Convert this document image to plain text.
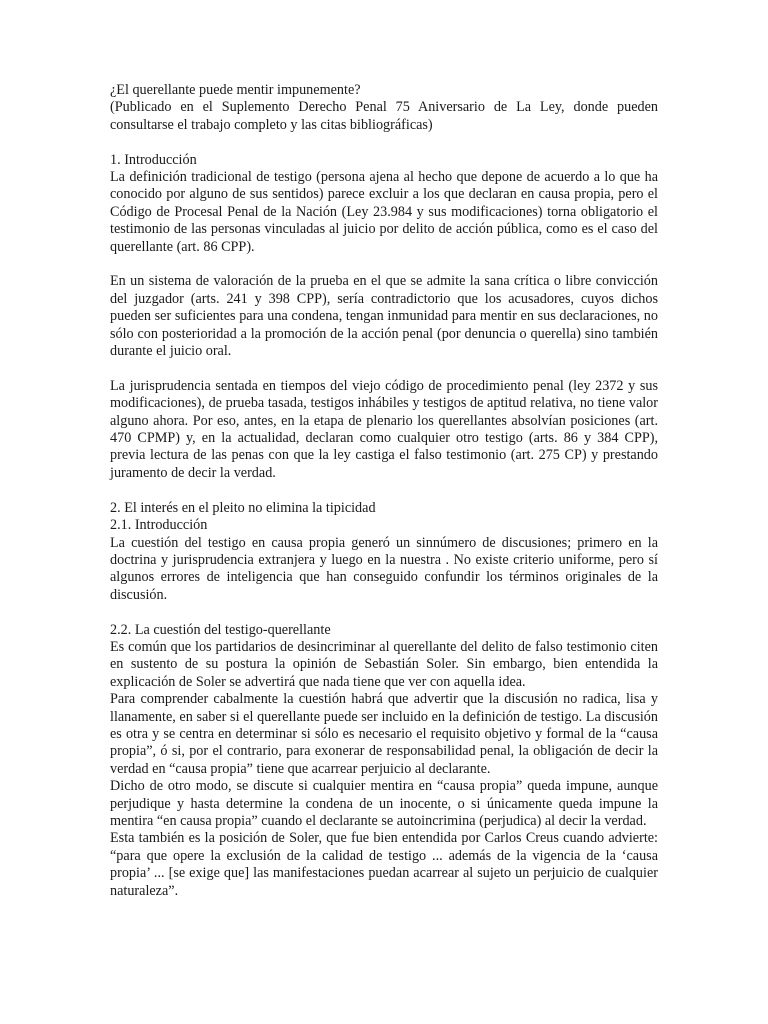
¿El querellante puede mentir impunemente?

(Publicado en el Suplemento Derecho Penal 75 Aniversario de La Ley, donde pueden consultarse el trabajo completo y las citas bibliográficas)

1. Introducción

La definición tradicional de testigo (persona ajena al hecho que depone de acuerdo a lo que ha conocido por alguno de sus sentidos) parece excluir a los que declaran en causa propia, pero el Código de Procesal Penal de la Nación (Ley 23.984 y sus modificaciones) torna obligatorio el testimonio de las personas vinculadas al juicio por delito de acción pública, como es el caso del querellante (art. 86 CPP).

En un sistema de valoración de la prueba en el que se admite la sana crítica o libre convicción del juzgador (arts. 241 y 398 CPP), sería contradictorio que los acusadores, cuyos dichos pueden ser suficientes para una condena, tengan inmunidad para mentir en sus declaraciones, no sólo con posterioridad a la promoción de la acción penal (por denuncia o querella) sino también durante el juicio oral.

La jurisprudencia sentada en tiempos del viejo código de procedimiento penal (ley 2372 y sus modificaciones), de prueba tasada, testigos inhábiles y testigos de aptitud relativa, no tiene valor alguno ahora. Por eso, antes, en la etapa de plenario los querellantes absolvían posiciones (art. 470 CPMP) y, en la actualidad, declaran como cualquier otro testigo (arts. 86 y 384 CPP), previa lectura de las penas con que la ley castiga el falso testimonio (art. 275 CP) y prestando juramento de decir la verdad.

2. El interés en el pleito no elimina la tipicidad

2.1. Introducción

La cuestión del testigo en causa propia generó un sinnúmero de discusiones; primero en la doctrina y jurisprudencia extranjera y luego en la nuestra . No existe criterio uniforme, pero sí algunos errores de inteligencia que han conseguido confundir los términos originales de la discusión.

2.2. La cuestión del testigo-querellante

Es común que los partidarios de desincriminar al querellante del delito de falso testimonio citen en sustento de su postura la opinión de Sebastián Soler. Sin embargo, bien entendida la explicación de Soler se advertirá que nada tiene que ver con aquella idea.

Para comprender cabalmente la cuestión habrá que advertir que la discusión no radica, lisa y llanamente, en saber si el querellante puede ser incluido en la definición de testigo. La discusión es otra y se centra en determinar si sólo es necesario el requisito objetivo y formal de la “causa propia”, ó si, por el contrario, para exonerar de responsabilidad penal, la obligación de decir la verdad en “causa propia” tiene que acarrear perjuicio al declarante.

Dicho de otro modo, se discute si cualquier mentira en “causa propia” queda impune, aunque perjudique y hasta determine la condena de un inocente, o si únicamente queda impune la mentira “en causa propia” cuando el declarante se autoincrimina (perjudica) al decir la verdad.

Esta también es la posición de Soler, que fue bien entendida por Carlos Creus cuando advierte: “para que opere la exclusión de la calidad de testigo ... además de la vigencia de la ‘causa propia’ ... [se exige que] las manifestaciones puedan acarrear al sujeto un perjuicio de cualquier naturaleza”.
